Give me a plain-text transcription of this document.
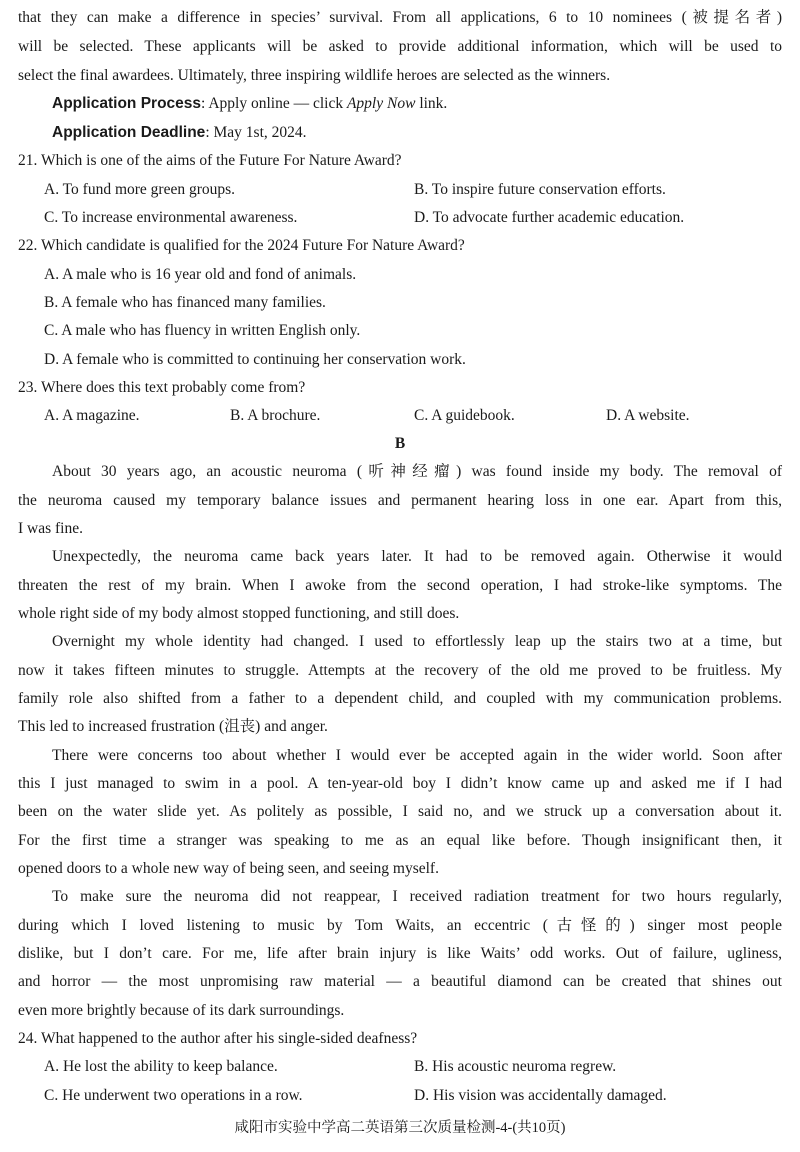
that they can make a difference in species’ survival. From all applications, 6 to 10 nominees (被提名者)
will be selected. These applicants will be asked to provide additional information, which will be used to
select the final awardees. Ultimately, three inspiring wildlife heroes are selected as the winners.
Application Process: Apply online — click Apply Now link.
Application Deadline: May 1st, 2024.
21. Which is one of the aims of the Future For Nature Award?
A. To fund more green groups.	B. To inspire future conservation efforts.
C. To increase environmental awareness.	D. To advocate further academic education.
22. Which candidate is qualified for the 2024 Future For Nature Award?
A. A male who is 16 year old and fond of animals.
B. A female who has financed many families.
C. A male who has fluency in written English only.
D. A female who is committed to continuing her conservation work.
23. Where does this text probably come from?
A. A magazine.	B. A brochure.	C. A guidebook.	D. A website.
B
About 30 years ago, an acoustic neuroma (听神经瘤) was found inside my body. The removal of
the neuroma caused my temporary balance issues and permanent hearing loss in one ear. Apart from this,
I was fine.
Unexpectedly, the neuroma came back years later. It had to be removed again. Otherwise it would
threaten the rest of my brain. When I awoke from the second operation, I had stroke-like symptoms. The
whole right side of my body almost stopped functioning, and still does.
Overnight my whole identity had changed. I used to effortlessly leap up the stairs two at a time, but
now it takes fifteen minutes to struggle. Attempts at the recovery of the old me proved to be fruitless. My
family role also shifted from a father to a dependent child, and coupled with my communication problems.
This led to increased frustration (沮丧) and anger.
There were concerns too about whether I would ever be accepted again in the wider world. Soon after
this I just managed to swim in a pool. A ten-year-old boy I didn’t know came up and asked me if I had
been on the water slide yet. As politely as possible, I said no, and we struck up a conversation about it.
For the first time a stranger was speaking to me as an equal like before. Though insignificant then, it
opened doors to a whole new way of being seen, and seeing myself.
To make sure the neuroma did not reappear, I received radiation treatment for two hours regularly,
during which I loved listening to music by Tom Waits, an eccentric (古怪的) singer most people
dislike, but I don’t care. For me, life after brain injury is like Waits’ odd works. Out of failure, ugliness,
and horror — the most unpromising raw material — a beautiful diamond can be created that shines out
even more brightly because of its dark surroundings.
24. What happened to the author after his single-sided deafness?
A. He lost the ability to keep balance.	B. His acoustic neuroma regrew.
C. He underwent two operations in a row.	D. His vision was accidentally damaged.
咸阳市实验中学高二英语第三次质量检测-4-(共10页)
